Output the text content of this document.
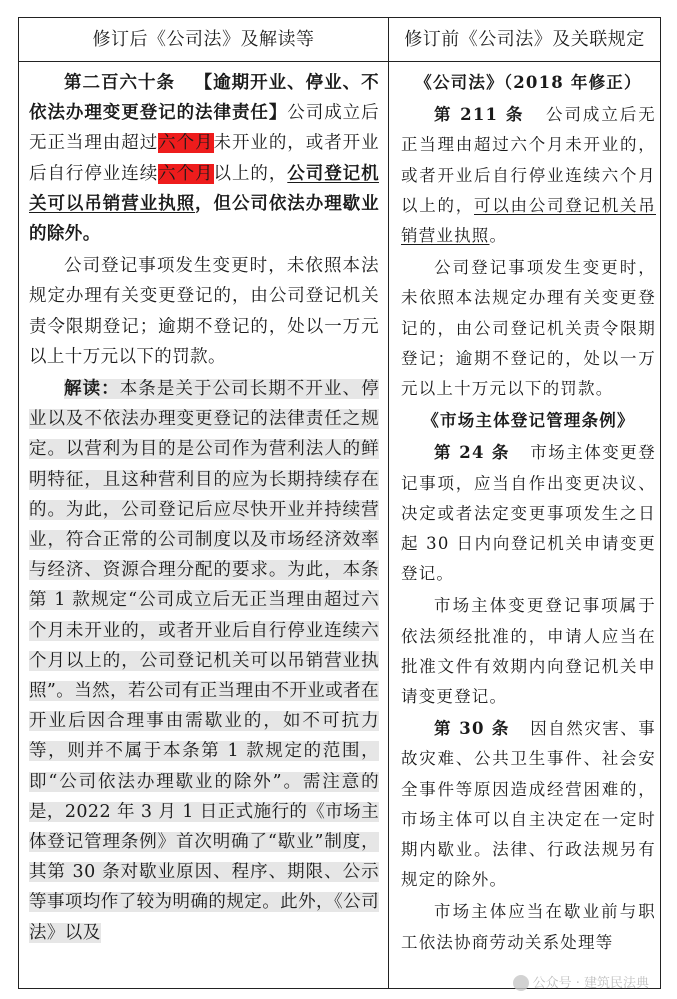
修订后《公司法》及解读等	修订前《公司法》及关联规定

第二百六十条 【逾期开业、停业、不依法办理变更登记的法律责任】公司成立后无正当理由超过六个月未开业的，或者开业后自行停业连续六个月以上的，公司登记机关可以吊销营业执照，但公司依法办理歇业的除外。

公司登记事项发生变更时，未依照本法规定办理有关变更登记的，由公司登记机关责令限期登记；逾期不登记的，处以一万元以上十万元以下的罚款。

解读：本条是关于公司长期不开业、停业以及不依法办理变更登记的法律责任之规定。以营利为目的是公司作为营利法人的鲜明特征，且这种营利目的应为长期持续存在的。为此，公司登记后应尽快开业并持续营业，符合正常的公司制度以及市场经济效率与经济、资源合理分配的要求。为此，本条第 1 款规定“公司成立后无正当理由超过六个月未开业的，或者开业后自行停业连续六个月以上的，公司登记机关可以吊销营业执照”。当然，若公司有正当理由不开业或者在开业后因合理事由需歇业的，如不可抗力等，则并不属于本条第 1 款规定的范围，即“公司依法办理歇业的除外”。需注意的是，2022 年 3 月 1 日正式施行的《市场主体登记管理条例》首次明确了“歇业”制度，其第 30 条对歇业原因、程序、期限、公示等事项均作了较为明确的规定。此外，《公司法》以及

《公司法》（2018 年修正）

第 211 条 公司成立后无正当理由超过六个月未开业的，或者开业后自行停业连续六个月以上的，可以由公司登记机关吊销营业执照。

公司登记事项发生变更时，未依照本法规定办理有关变更登记的，由公司登记机关责令限期登记；逾期不登记的，处以一万元以上十万元以下的罚款。

《市场主体登记管理条例》

第 24 条 市场主体变更登记事项，应当自作出变更决议、决定或者法定变更事项发生之日起 30 日内向登记机关申请变更登记。

市场主体变更登记事项属于依法须经批准的，申请人应当在批准文件有效期内向登记机关申请变更登记。

第 30 条 因自然灾害、事故灾难、公共卫生事件、社会安全事件等原因造成经营困难的，市场主体可以自主决定在一定时期内歇业。法律、行政法规另有规定的除外。

市场主体应当在歇业前与职工依法协商劳动关系处理等

公众号 · 建筑民法典
